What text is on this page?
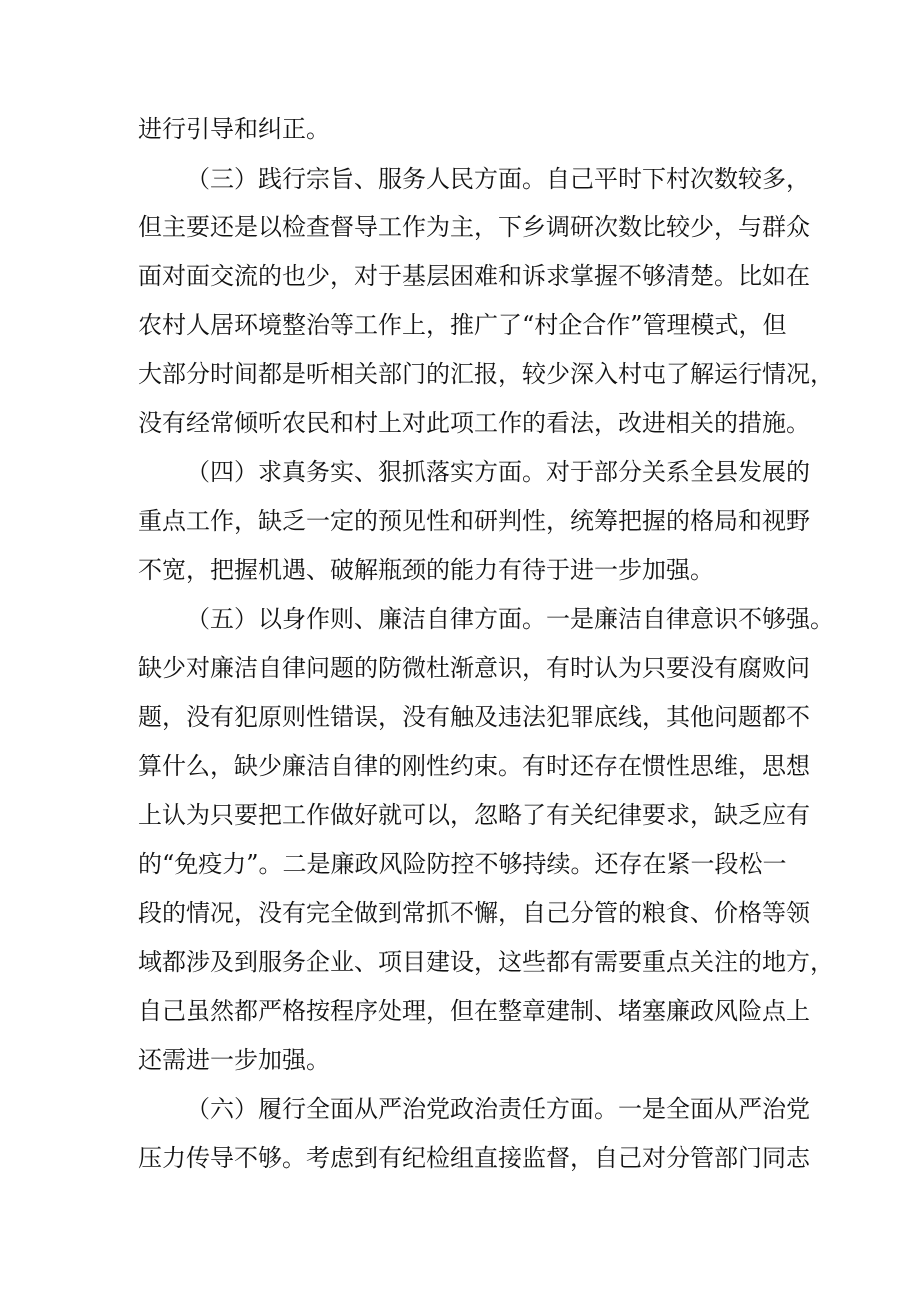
进行引导和纠正。
（三）践行宗旨、服务人民方面。自己平时下村次数较多，
但主要还是以检查督导工作为主，下乡调研次数比较少，与群众
面对面交流的也少，对于基层困难和诉求掌握不够清楚。比如在
农村人居环境整治等工作上，推广了“村企合作”管理模式，但
大部分时间都是听相关部门的汇报，较少深入村屯了解运行情况，
没有经常倾听农民和村上对此项工作的看法，改进相关的措施。
（四）求真务实、狠抓落实方面。对于部分关系全县发展的
重点工作，缺乏一定的预见性和研判性，统筹把握的格局和视野
不宽，把握机遇、破解瓶颈的能力有待于进一步加强。
（五）以身作则、廉洁自律方面。一是廉洁自律意识不够强。
缺少对廉洁自律问题的防微杜渐意识，有时认为只要没有腐败问
题，没有犯原则性错误，没有触及违法犯罪底线，其他问题都不
算什么，缺少廉洁自律的刚性约束。有时还存在惯性思维，思想
上认为只要把工作做好就可以，忽略了有关纪律要求，缺乏应有
的“免疫力”。二是廉政风险防控不够持续。还存在紧一段松一
段的情况，没有完全做到常抓不懈，自己分管的粮食、价格等领
域都涉及到服务企业、项目建设，这些都有需要重点关注的地方，
自己虽然都严格按程序处理，但在整章建制、堵塞廉政风险点上
还需进一步加强。
（六）履行全面从严治党政治责任方面。一是全面从严治党
压力传导不够。考虑到有纪检组直接监督，自己对分管部门同志
